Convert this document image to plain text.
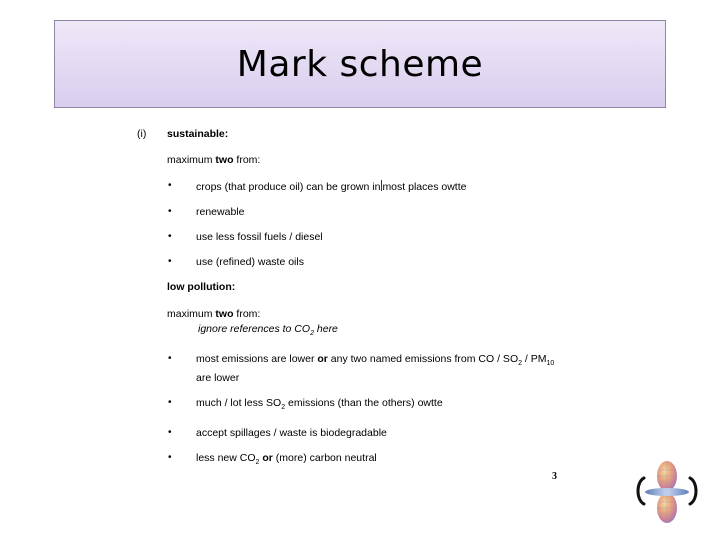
Mark scheme
(i) sustainable:
maximum two from:
• crops (that produce oil) can be grown in most places owtte
• renewable
• use less fossil fuels / diesel
• use (refined) waste oils
low pollution:
maximum two from:
ignore references to $CO_2$ here
• most emissions are lower or any two named emissions from CO / $SO_2 / PM_{10}$
are lower
• much / lot less $SO_2$ emissions (than the others) owtte
• accept spillages / waste is biodegradable
• less new $CO_2$ or (more) carbon neutral
3
